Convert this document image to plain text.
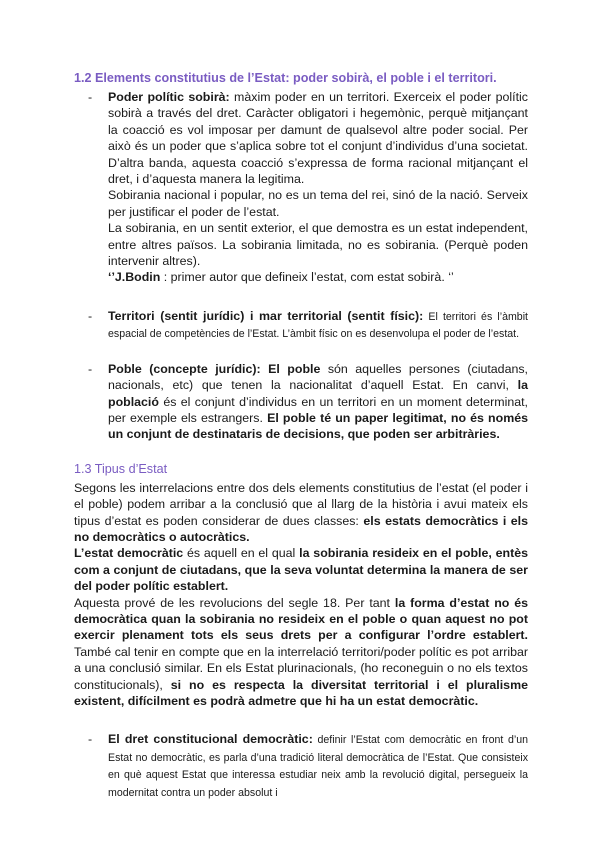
1.2 Elements constitutius de l’Estat: poder sobirà, el poble i el territori.
-	Poder polític sobirà: màxim poder en un territori. Exerceix el poder polític sobirà a través del dret. Caràcter obligatori i hegemònic, perquè mitjançant la coacció es vol imposar per damunt de qualsevol altre poder social. Per això és un poder que s’aplica sobre tot el conjunt d’individus d’una societat. D’altra banda, aquesta coacció s’expressa de forma racional mitjançant el dret, i d’aquesta manera la legitima.

Sobirania nacional i popular, no es un tema del rei, sinó de la nació. Serveix per justificar el poder de l’estat.

La sobirania, en un sentit exterior, el que demostra es un estat independent, entre altres països. La sobirania limitada, no es sobirania. (Perquè poden intervenir altres).

‘’J.Bodin : primer autor que defineix l’estat, com estat sobirà. ‘’

-	Territori (sentit jurídic) i mar territorial (sentit físic): El territori és l’àmbit espacial de competències de l’Estat. L’àmbit físic on es desenvolupa el poder de l’estat.

-	Poble (concepte jurídic): El poble són aquelles persones (ciutadans, nacionals, etc) que tenen la nacionalitat d’aquell Estat. En canvi, la població és el conjunt d’individus en un territori en un moment determinat, per exemple els estrangers. El poble té un paper legitimat, no és només un conjunt de destinataris de decisions, que poden ser arbitràries.

1.3 Tipus d’Estat

Segons les interrelacions entre dos dels elements constitutius de l’estat (el poder i el poble) podem arribar a la conclusió que al llarg de la història i avui mateix els tipus d’estat es poden considerar de dues classes: els estats democràtics i els no democràtics o autocràtics.

L’estat democràtic és aquell en el qual la sobirania resideix en el poble, entès com a conjunt de ciutadans, que la seva voluntat determina la manera de ser del poder polític establert.

Aquesta prové de les revolucions del segle 18. Per tant la forma d’estat no és democràtica quan la sobirania no resideix en el poble o quan aquest no pot exercir plenament tots els seus drets per a configurar l’ordre establert. També cal tenir en compte que en la interrelació territori/poder polític es pot arribar a una conclusió similar. En els Estat plurinacionals, (ho reconeguin o no els textos constitucionals), si no es respecta la diversitat territorial i el pluralisme existent, difícilment es podrà admetre que hi ha un estat democràtic.

-	El dret constitucional democràtic: definir l’Estat com democràtic en front d’un Estat no democràtic, es parla d’una tradició literal democràtica de l’Estat. Que consisteix en què aquest Estat que interessa estudiar neix amb la revolució digital, persegueix la modernitat contra un poder absolut i
